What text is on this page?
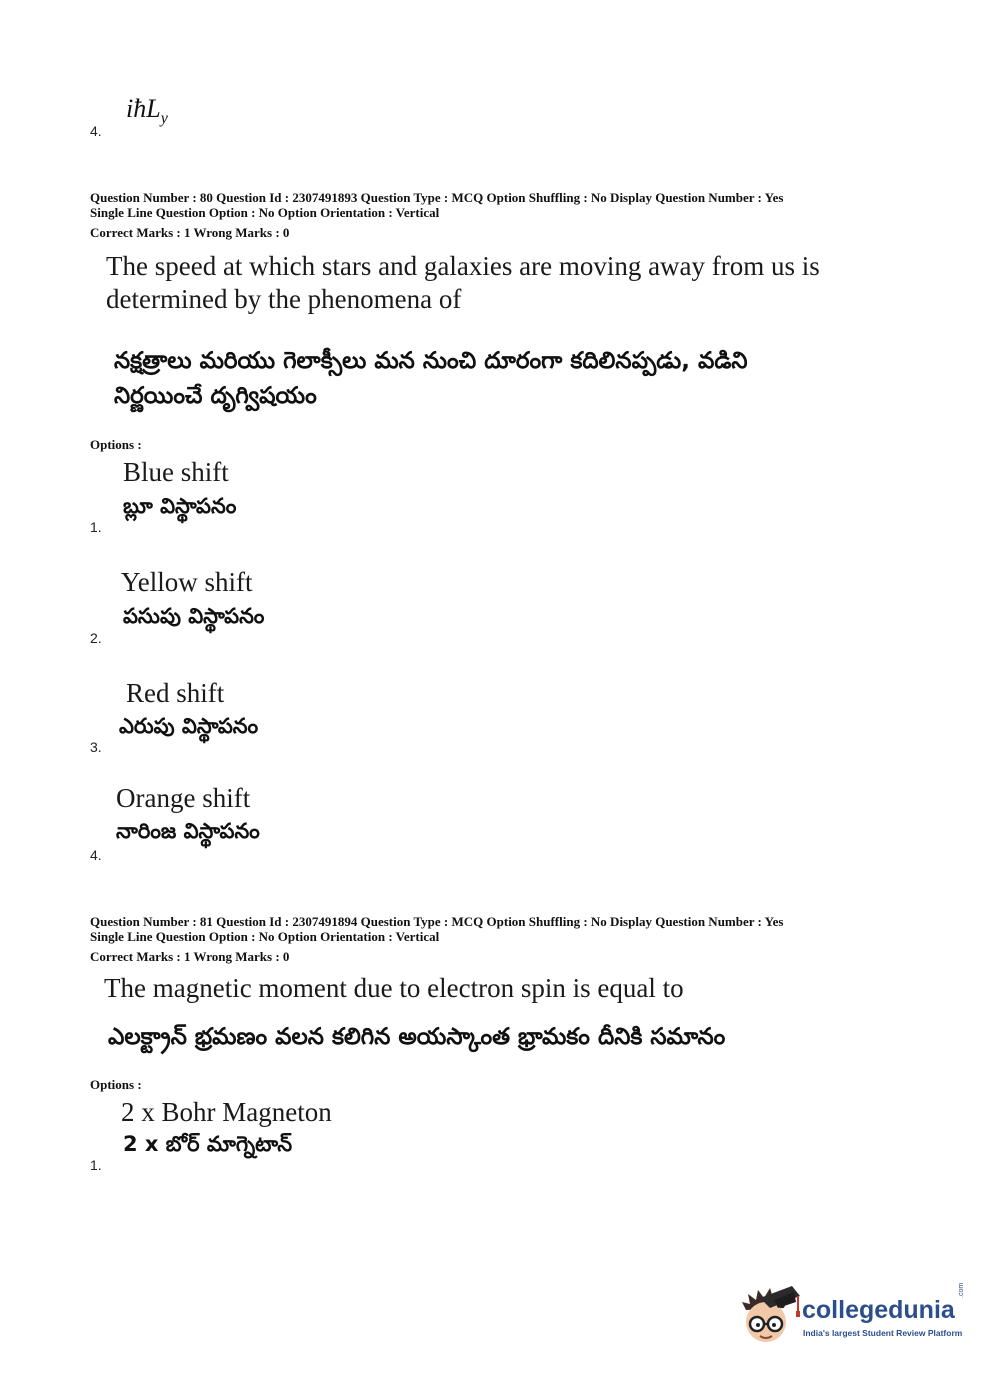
iħL$_y$
4.
Question Number : 80 Question Id : 2307491893 Question Type : MCQ Option Shuffling : No Display Question Number : Yes
Single Line Question Option : No Option Orientation : Vertical
Correct Marks : 1 Wrong Marks : 0
The speed at which stars and galaxies are moving away from us is
determined by the phenomena of
నక్షత్రాలు మరియు గెలాక్సీలు మన నుంచి దూరంగా కదిలినప్పడు, వడిని
నిర్ణయించే దృగ్విషయం
Options :
Blue shift
బ్లూ విస్థాపనం
1.
Yellow shift
పసుపు విస్థాపనం
2.
Red shift
ఎరుపు విస్థాపనం
3.
Orange shift
నారింజ విస్థాపనం
4.
Question Number : 81 Question Id : 2307491894 Question Type : MCQ Option Shuffling : No Display Question Number : Yes
Single Line Question Option : No Option Orientation : Vertical
Correct Marks : 1 Wrong Marks : 0
The magnetic moment due to electron spin is equal to
ఎలక్ట్రాన్ భ్రమణం వలన కలిగిన అయస్కాంత భ్రామకం దీనికి సమానం
Options :
2 x Bohr Magneton
2 x బోర్ మాగ్నెటాన్
1.
collegedunia
.com
India's largest Student Review Platform
